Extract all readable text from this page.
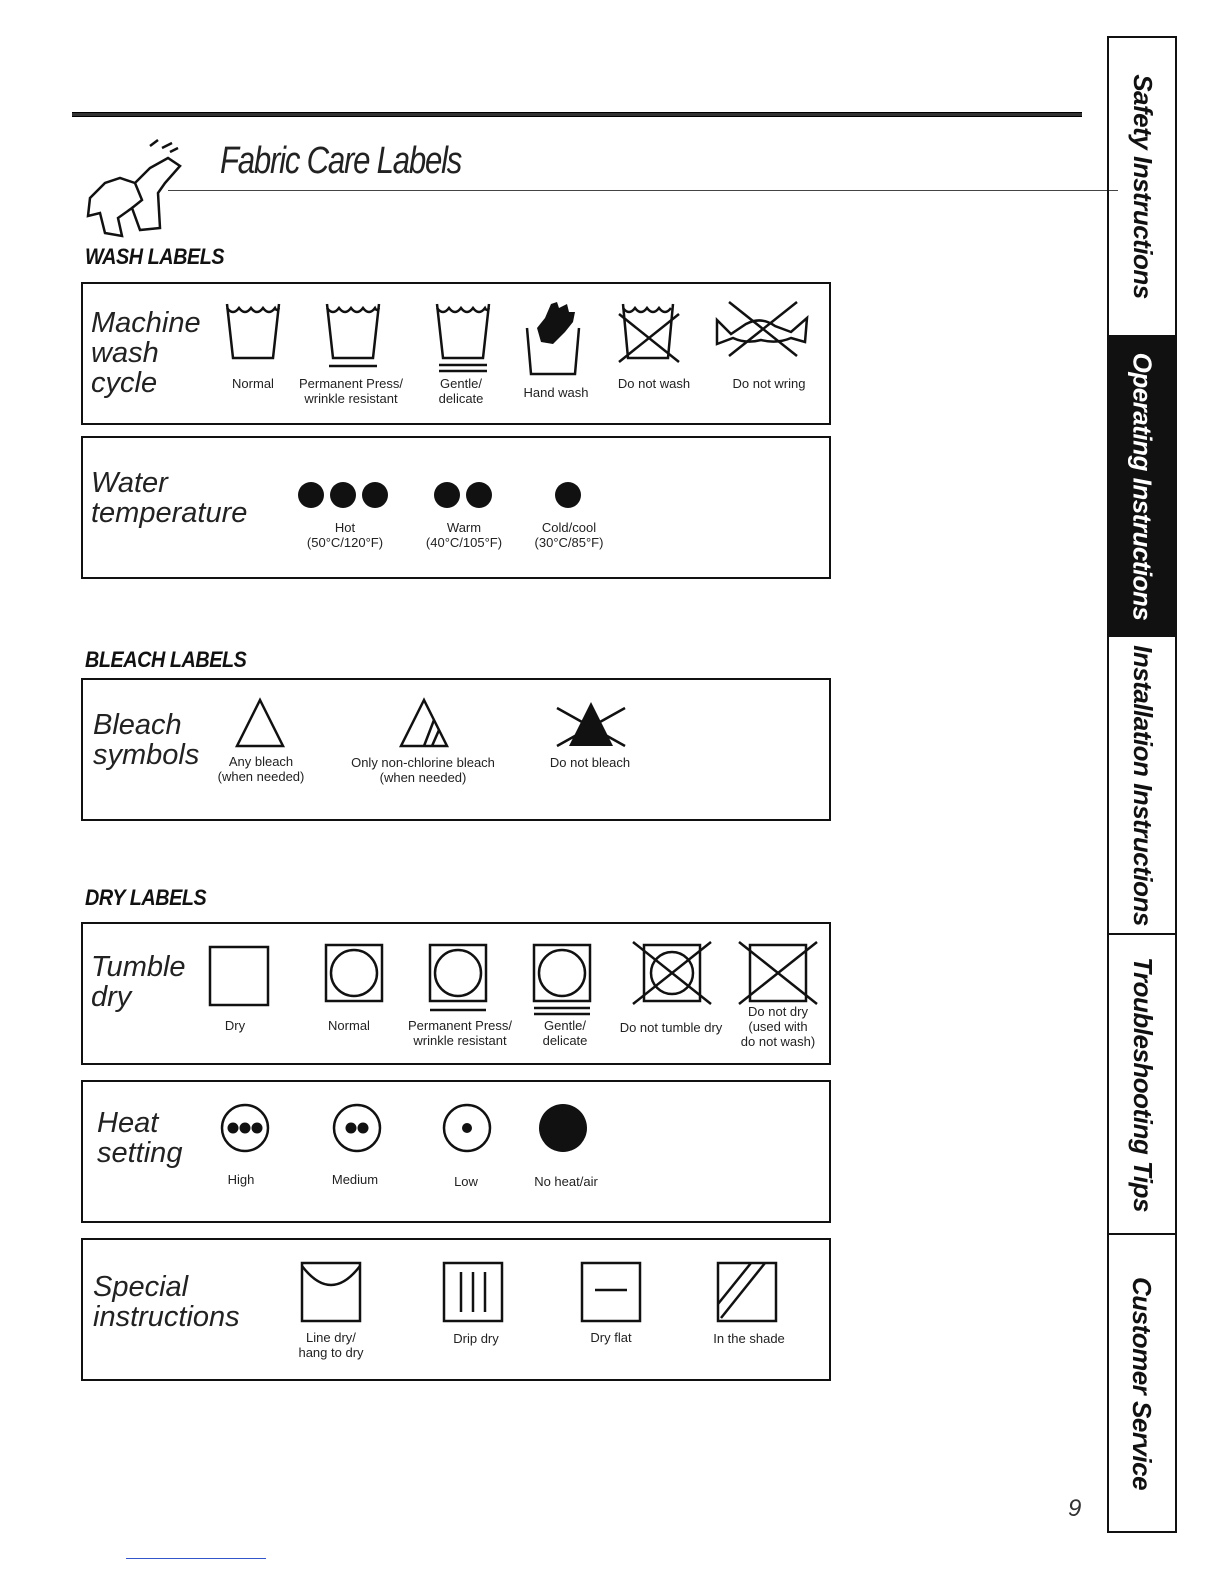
Fabric Care Labels
WASH LABELS
Machine
wash
cycle	Normal Permanent Press/
wrinkle resistant
Gentle/
delicate	Hand wash
Do not wash	Do not wring
Water
temperature	Hot
(50°C/120°F)
Warm
(40°C/105°F)
Cold/cool
(30°C/85°F)
BLEACH LABELS
Bleach
symbols	Any bleach
(when needed)
Only non-chlorine bleach
(when needed)
Do not bleach
DRY LABELS
Tumble
dry
Dry	Normal	Permanent Press/
wrinkle resistant
Gentle/
delicate
Do not tumble dry
Do not dry
(used with
do not wash)
Heat
setting
High	Medium	Low	No heat/air
Special
instructions
Line dry/
hang to dry
Drip dry	Dry flat	In the shade
Safety Instructions
Operating Instructions
Installation Instructions
Troubleshooting Tips
Customer Service
9
